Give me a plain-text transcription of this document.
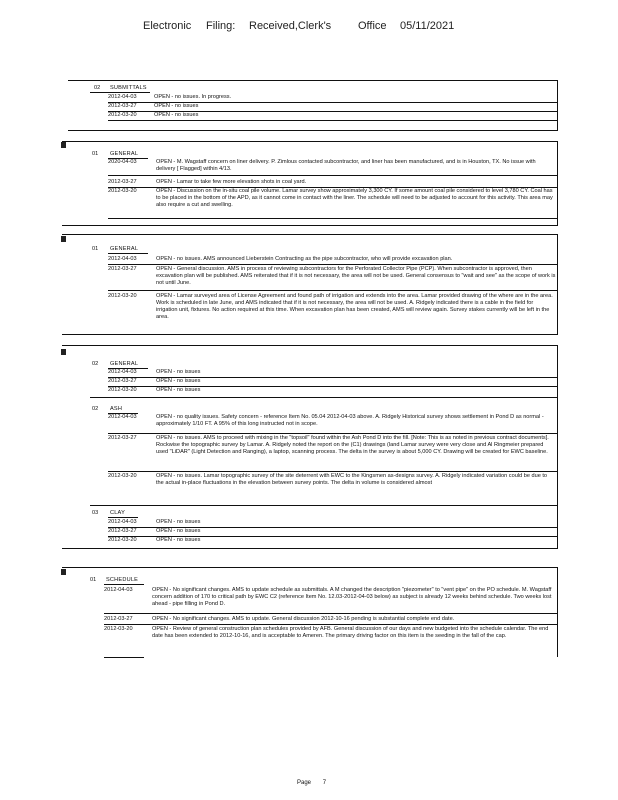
Electronic Filing: Received,Clerk's Office 05/11/2021
02 SUBMITTALS
2012-04-03	OPEN - no issues. In progress.
2012-03-27	OPEN - no issues
2012-03-20	OPEN - no issues
01 GENERAL
2020-04-03	OPEN - M. Wagstaff concern on liner delivery. P. Zimlous contacted subcontractor, and liner has been manufactured, and is in Houston, TX. No issue with delivery [ Flagged] within 4/13.
2012-03-27	OPEN - Lamar to take few more elevation shots in coal yard.
2012-03-20	OPEN - Discussion on the in-situ coal pile volume. Lamar survey show approximately 3,300 CY. If some amount coal pile considered to level 3,780 CY. Coal has to be placed in the bottom of the APD, as it cannot come in contact with the liner. The schedule will need to be adjusted to account for this activity. This area may also require a cut and swelling.
01 GENERAL
2012-04-03	OPEN - no issues. AMS announced Lieberstein Contracting as the pipe subcontractor, who will provide excavation plan.
2012-03-27	OPEN - General discussion. AMS in process of reviewing subcontractors for the Perforated Collector Pipe (PCP). When subcontractor is approved, then excavation plan will be published. AMS reiterated that if it is not necessary, the area will not be used. General consensus to "wait and see" as the scope of work is not until June.
2012-03-20	OPEN - Lamar surveyed area of License Agreement and found path of irrigation and extends into the area. Lamar provided drawing of the where are in the area. Work is scheduled in late June, and AMS indicated that if it is not necessary, the area will not be used. A. Ridgely indicated there is a cable in the field for irrigation unit, fixtures. No action required at this time. When excavation plan has been created, AMS will review again. Survey stakes currently will be left in the area.
02 GENERAL
2012-04-03	OPEN - no issues
2012-03-27	OPEN - no issues
2012-03-20	OPEN - no issues
02 ASH
2012-04-03	OPEN - no quality issues. Safety concern - reference Item No. 05.04 2012-04-03 above. A. Ridgely Historical survey shows settlement in Pond D as normal - approximately 1/10 FT. A 95% of this long instructed not in scope.
2012-03-27	OPEN - no issues. AMS to proceed with mixing in the "topsoil" found within the Ash Pond D into the fill. [Note: This is as noted in previous contract documents]. Rockwise the topographic survey by Lamar. A. Ridgely noted the report on the (C1) drawings (land Lamar survey were very close and Al Ringmeier prepared used "LiDAR" (Light Detection and Ranging), a laptop, scanning process. The delta in the survey is about 5,000 CY. Drawing will be created for EWC baseline.
2012-03-20	OPEN - no issues. Lamar topographic survey of the site deterrent with EWC to the Kingsmen as-designs survey. A. Ridgely indicated variation could be due to the actual in-place fluctuations in the elevation between survey points. The delta in volume is considered almost
03 CLAY
2012-04-03	OPEN - no issues
2012-03-27	OPEN - no issues
2012-03-20	OPEN - no issues
01 SCHEDULE
2012-04-03	OPEN - No significant changes. AMS to update schedule as submittals. A M changed the description "piezometer" to "vent pipe" on the PO schedule. M. Wagstaff concern addition of 170 to critical path by EWC C2 (reference Item No. 12.03-2012-04-03 below) as subject is already 12 weeks behind schedule. Two weeks lost ahead - pipe filling in Pond D.
2012-03-27	OPEN - No significant changes. AMS to update. General discussion 2012-10-16 pending is substantial complete end date.
2012-03-20	OPEN - Review of general construction plan schedules provided by AFB. General discussion of our days and new budgeted into the schedule calendar. The end date has been extended to 2012-10-16, and is acceptable to Ameren. The primary driving factor on this item is the seeding in the fall of the cap.
Page 7
